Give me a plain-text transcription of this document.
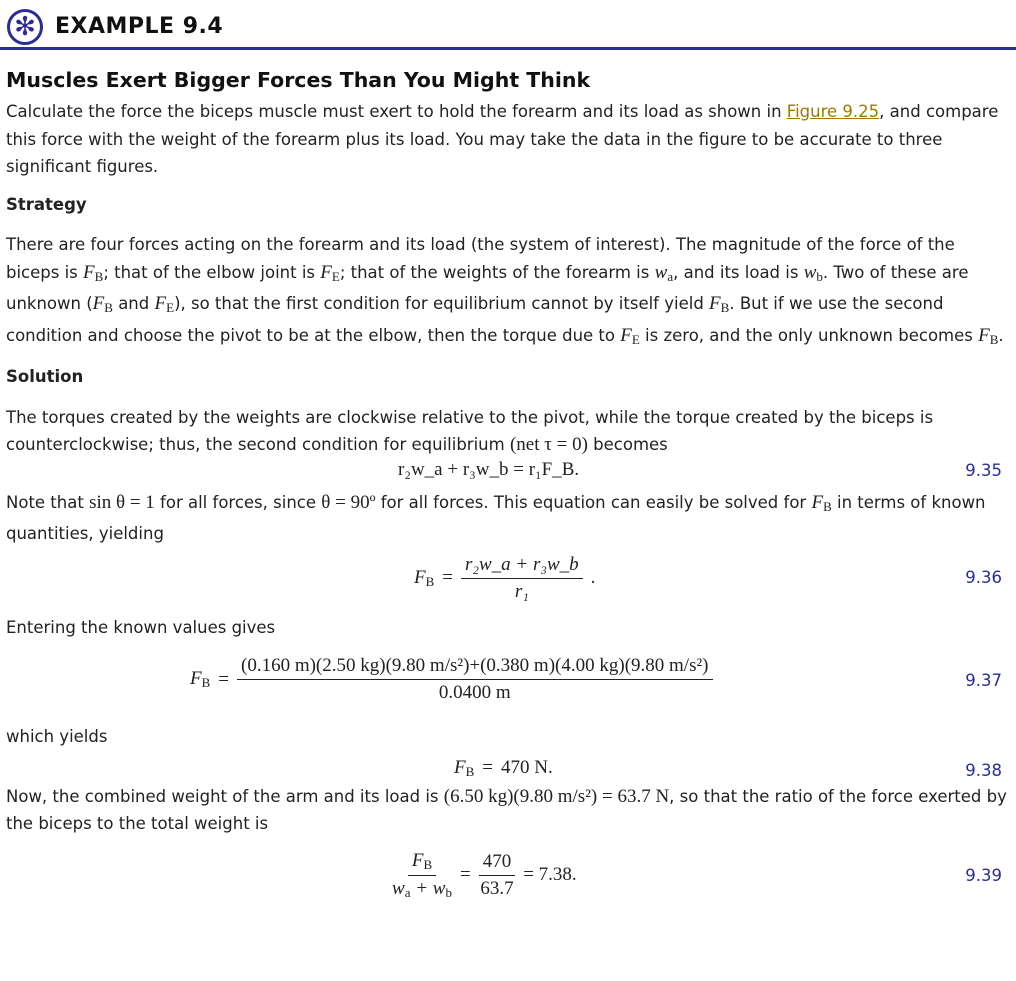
✻ EXAMPLE 9.4
Muscles Exert Bigger Forces Than You Might Think

Calculate the force the biceps muscle must exert to hold the forearm and its load as shown in Figure 9.25, and compare this force with the weight of the forearm plus its load. You may take the data in the figure to be accurate to three significant figures.

Strategy

There are four forces acting on the forearm and its load (the system of interest). The magnitude of the force of the biceps is $F_B$; that of the elbow joint is $F_E$; that of the weights of the forearm is $w_a$, and its load is $w_b$. Two of these are unknown ($F_B$ and $F_E$), so that the first condition for equilibrium cannot by itself yield $F_B$. But if we use the second condition and choose the pivot to be at the elbow, then the torque due to $F_E$ is zero, and the only unknown becomes $F_B$.

Solution

The torques created by the weights are clockwise relative to the pivot, while the torque created by the biceps is counterclockwise; thus, the second condition for equilibrium (net τ = 0) becomes

r₂w_a + r₃w_b = r₁F_B.	9.35

Note that sin θ = 1 for all forces, since θ = 90º for all forces. This equation can easily be solved for $F_B$ in terms of known quantities, yielding

$F_B = \frac{\text{r₂w\_a + r₃w\_b}}{\text{r₁}}$ .	9.36

Entering the known values gives

$F_B = \frac{\text{(0.160 m)(2.50 kg)(9.80 m/s²)+(0.380 m)(4.00 kg)(9.80 m/s²)}}{0.0400 m}$	9.37

which yields

$F_B = 470$ N.	9.38

Now, the combined weight of the arm and its load is (6.50 kg)(9.80 m/s²) = 63.7 N, so that the ratio of the force exerted by the biceps to the total weight is

$\frac{F_B}{w_a + w_b} = \frac{470}{63.7} = 7.38$.	9.39
